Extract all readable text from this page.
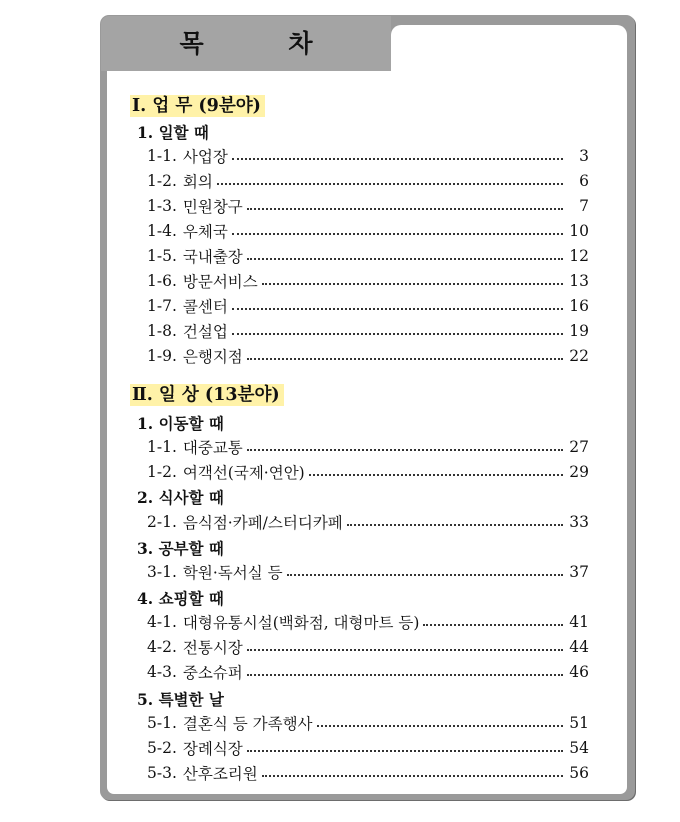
목 차
Ⅰ. 업 무 (9분야)
1. 일할 때
1-1. 사업장	3
1-2. 회의	6
1-3. 민원창구	7
1-4. 우체국	10
1-5. 국내출장	12
1-6. 방문서비스	13
1-7. 콜센터	16
1-8. 건설업	19
1-9. 은행지점	22
Ⅱ. 일 상 (13분야)
1. 이동할 때
1-1. 대중교통	27
1-2. 여객선(국제·연안)	29
2. 식사할 때
2-1. 음식점·카페/스터디카페	33
3. 공부할 때
3-1. 학원·독서실 등	37
4. 쇼핑할 때
4-1. 대형유통시설(백화점, 대형마트 등)	41
4-2. 전통시장	44
4-3. 중소슈퍼	46
5. 특별한 날
5-1. 결혼식 등 가족행사	51
5-2. 장례식장	54
5-3. 산후조리원	56
